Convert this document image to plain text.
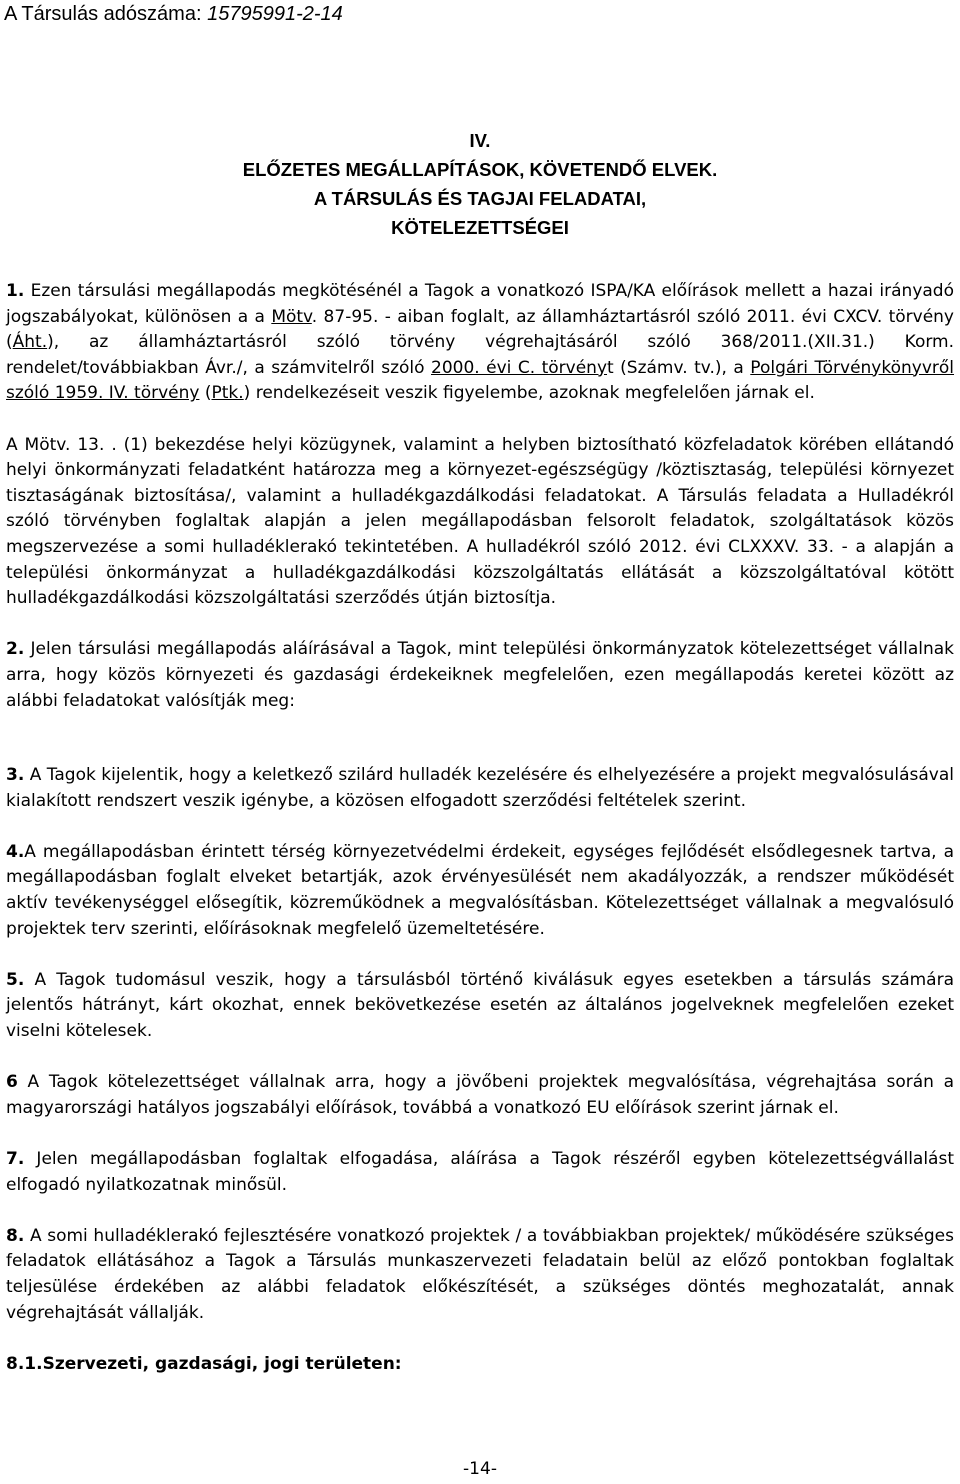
A Társulás adószáma: 15795991-2-14

IV.

ELŐZETES MEGÁLLAPÍTÁSOK, KÖVETENDŐ ELVEK.

A TÁRSULÁS ÉS TAGJAI FELADATAI,

KÖTELEZETTSÉGEI

1. Ezen társulási megállapodás megkötésénél a Tagok a vonatkozó ISPA/KA előírások mellett a hazai irányadó jogszabályokat, különösen a a Mötv. 87-95. - aiban foglalt, az államháztartásról szóló 2011. évi CXCV. törvény (Áht.), az államháztartásról szóló törvény végrehajtásáról szóló 368/2011.(XII.31.) Korm. rendelet/továbbiakban Ávr./, a számvitelről szóló 2000. évi C. törvényt (Számv. tv.), a Polgári Törvénykönyvről szóló 1959. IV. törvény (Ptk.) rendelkezéseit veszik figyelembe, azoknak megfelelően járnak el.

A Mötv. 13. . (1) bekezdése helyi közügynek, valamint a helyben biztosítható közfeladatok körében ellátandó helyi önkormányzati feladatként határozza meg a környezet-egészségügy /köztisztaság, települési környezet tisztaságának biztosítása/, valamint a hulladékgazdálkodási feladatokat. A Társulás feladata a Hulladékról szóló törvényben foglaltak alapján a jelen megállapodásban felsorolt feladatok, szolgáltatások közös megszervezése a somi hulladéklerakó tekintetében. A hulladékról szóló 2012. évi CLXXXV. 33. - a alapján a települési önkormányzat a hulladékgazdálkodási közszolgáltatás ellátását a közszolgáltatóval kötött hulladékgazdálkodási közszolgáltatási szerződés útján biztosítja.

2. Jelen társulási megállapodás aláírásával a Tagok, mint települési önkormányzatok kötelezettséget vállalnak arra, hogy közös környezeti és gazdasági érdekeiknek megfelelően, ezen megállapodás keretei között az alábbi feladatokat valósítják meg:

3. A Tagok kijelentik, hogy a keletkező szilárd hulladék kezelésére és elhelyezésére a projekt megvalósulásával kialakított rendszert veszik igénybe, a közösen elfogadott szerződési feltételek szerint.

4.A megállapodásban érintett térség környezetvédelmi érdekeit, egységes fejlődését elsődlegesnek tartva, a megállapodásban foglalt elveket betartják, azok érvényesülését nem akadályozzák, a rendszer működését aktív tevékenységgel elősegítik, közreműködnek a megvalósításban. Kötelezettséget vállalnak a megvalósuló projektek terv szerinti, előírásoknak megfelelő üzemeltetésére.

5. A Tagok tudomásul veszik, hogy a társulásból történő kiválásuk egyes esetekben a társulás számára jelentős hátrányt, kárt okozhat, ennek bekövetkezése esetén az általános jogelveknek megfelelően ezeket viselni kötelesek.

6 A Tagok kötelezettséget vállalnak arra, hogy a jövőbeni projektek megvalósítása, végrehajtása során a magyarországi hatályos jogszabályi előírások, továbbá a vonatkozó EU előírások szerint járnak el.

7. Jelen megállapodásban foglaltak elfogadása, aláírása a Tagok részéről egyben kötelezettségvállalást elfogadó nyilatkozatnak minősül.

8. A somi hulladéklerakó fejlesztésére vonatkozó projektek / a továbbiakban projektek/ működésére szükséges feladatok ellátásához a Tagok a Társulás munkaszervezeti feladatain belül az előző pontokban foglaltak teljesülése érdekében az alábbi feladatok előkészítését, a szükséges döntés meghozatalát, annak végrehajtását vállalják.

8.1.Szervezeti, gazdasági, jogi területen:

-14-
